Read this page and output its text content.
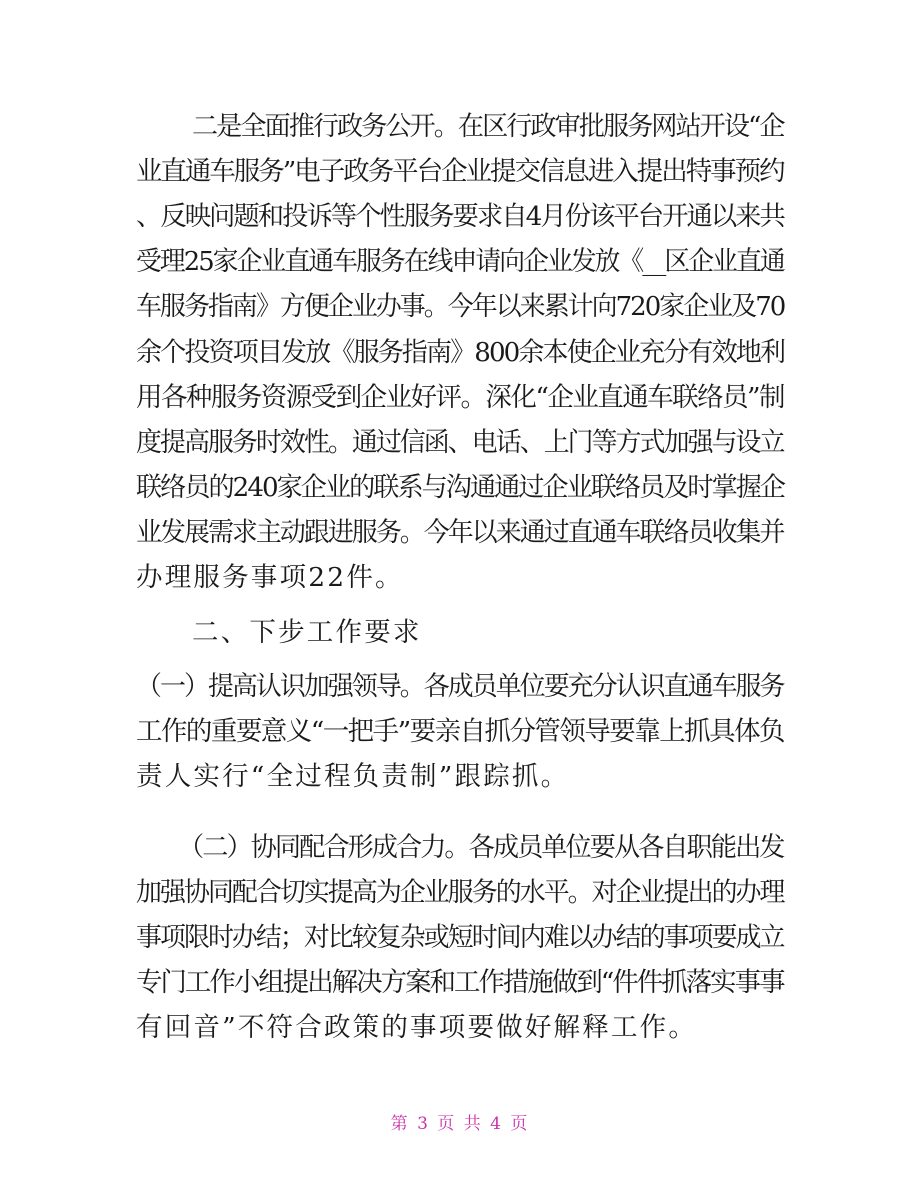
二是全面推行政务公开。在区行政审批服务网站开设“企

业直通车服务”电子政务平台企业提交信息进入提出特事预约

、反映问题和投诉等个性服务要求自4月份该平台开通以来共

受理25家企业直通车服务在线申请向企业发放《__区企业直通

车服务指南》方便企业办事。今年以来累计向720家企业及70

余个投资项目发放《服务指南》800余本使企业充分有效地利

用各种服务资源受到企业好评。深化“企业直通车联络员”制

度提高服务时效性。通过信函、电话、上门等方式加强与设立

联络员的240家企业的联系与沟通通过企业联络员及时掌握企

业发展需求主动跟进服务。今年以来通过直通车联络员收集并

办理服务事项22件。

二、下步工作要求

（一）提高认识加强领导。各成员单位要充分认识直通车服务

工作的重要意义“一把手”要亲自抓分管领导要靠上抓具体负

责人实行“全过程负责制”跟踪抓。

（二）协同配合形成合力。各成员单位要从各自职能出发

加强协同配合切实提高为企业服务的水平。对企业提出的办理

事项限时办结；对比较复杂或短时间内难以办结的事项要成立

专门工作小组提出解决方案和工作措施做到“件件抓落实事事

有回音”不符合政策的事项要做好解释工作。

第 3 页 共 4 页
